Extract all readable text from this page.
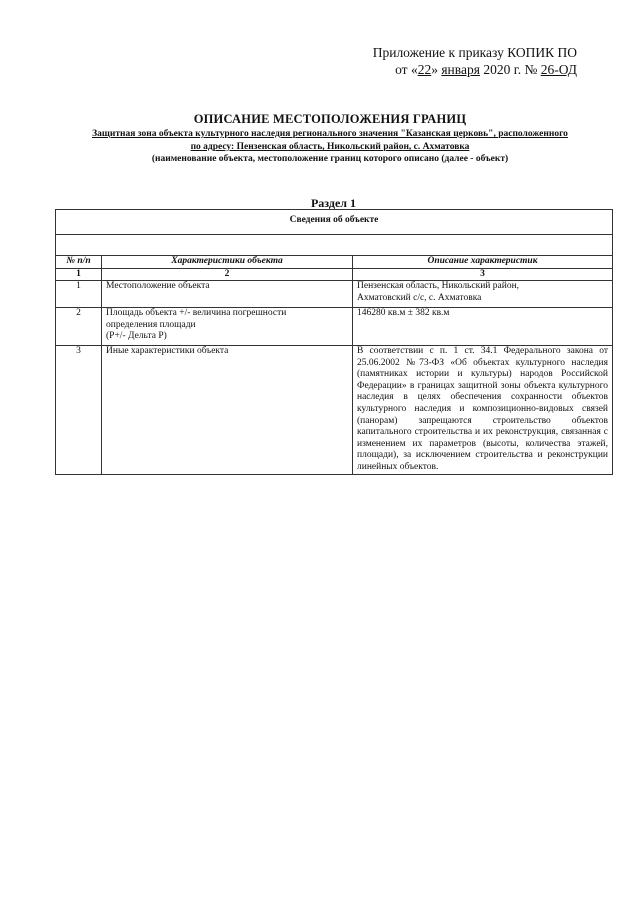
Приложение к приказу КОПИК ПО
от «22» января 2020 г. № 26-ОД
ОПИСАНИЕ МЕСТОПОЛОЖЕНИЯ ГРАНИЦ
Защитная зона объекта культурного наследия регионального значения "Казанская церковь", расположенного
по адресу: Пензенская область, Никольский район, с. Ахматовка
(наименование объекта, местоположение границ которого описано (далее - объект)
Раздел 1
Сведения об объекте		

№ п/п	Характеристики объекта	Описание характеристик
1	2	3
1	Местоположение объекта	Пензенская область, Никольский район,
Ахматовский с/с, с. Ахматовка

2	Площадь объекта +/- величина погрешности
определения площади
(P+/- Дельта P)	146280 кв.м ± 382 кв.м
3	Иные характеристики объекта	В соответствии с п. 1 ст. 34.1 Федерального закона от 25.06.2002 №73-ФЗ «Об объектах культурного наследия (памятниках истории и культуры) народов Российской Федерации» в границах защитной зоны объекта культурного наследия в целях обеспечения сохранности объектов культурного наследия и композиционно-видовых связей (панорам) запрещаются строительство объектов капитального строительства и их реконструкция, связанная с изменением их параметров (высоты, количества этажей, площади), за исключением строительства и реконструкции линейных объектов.
